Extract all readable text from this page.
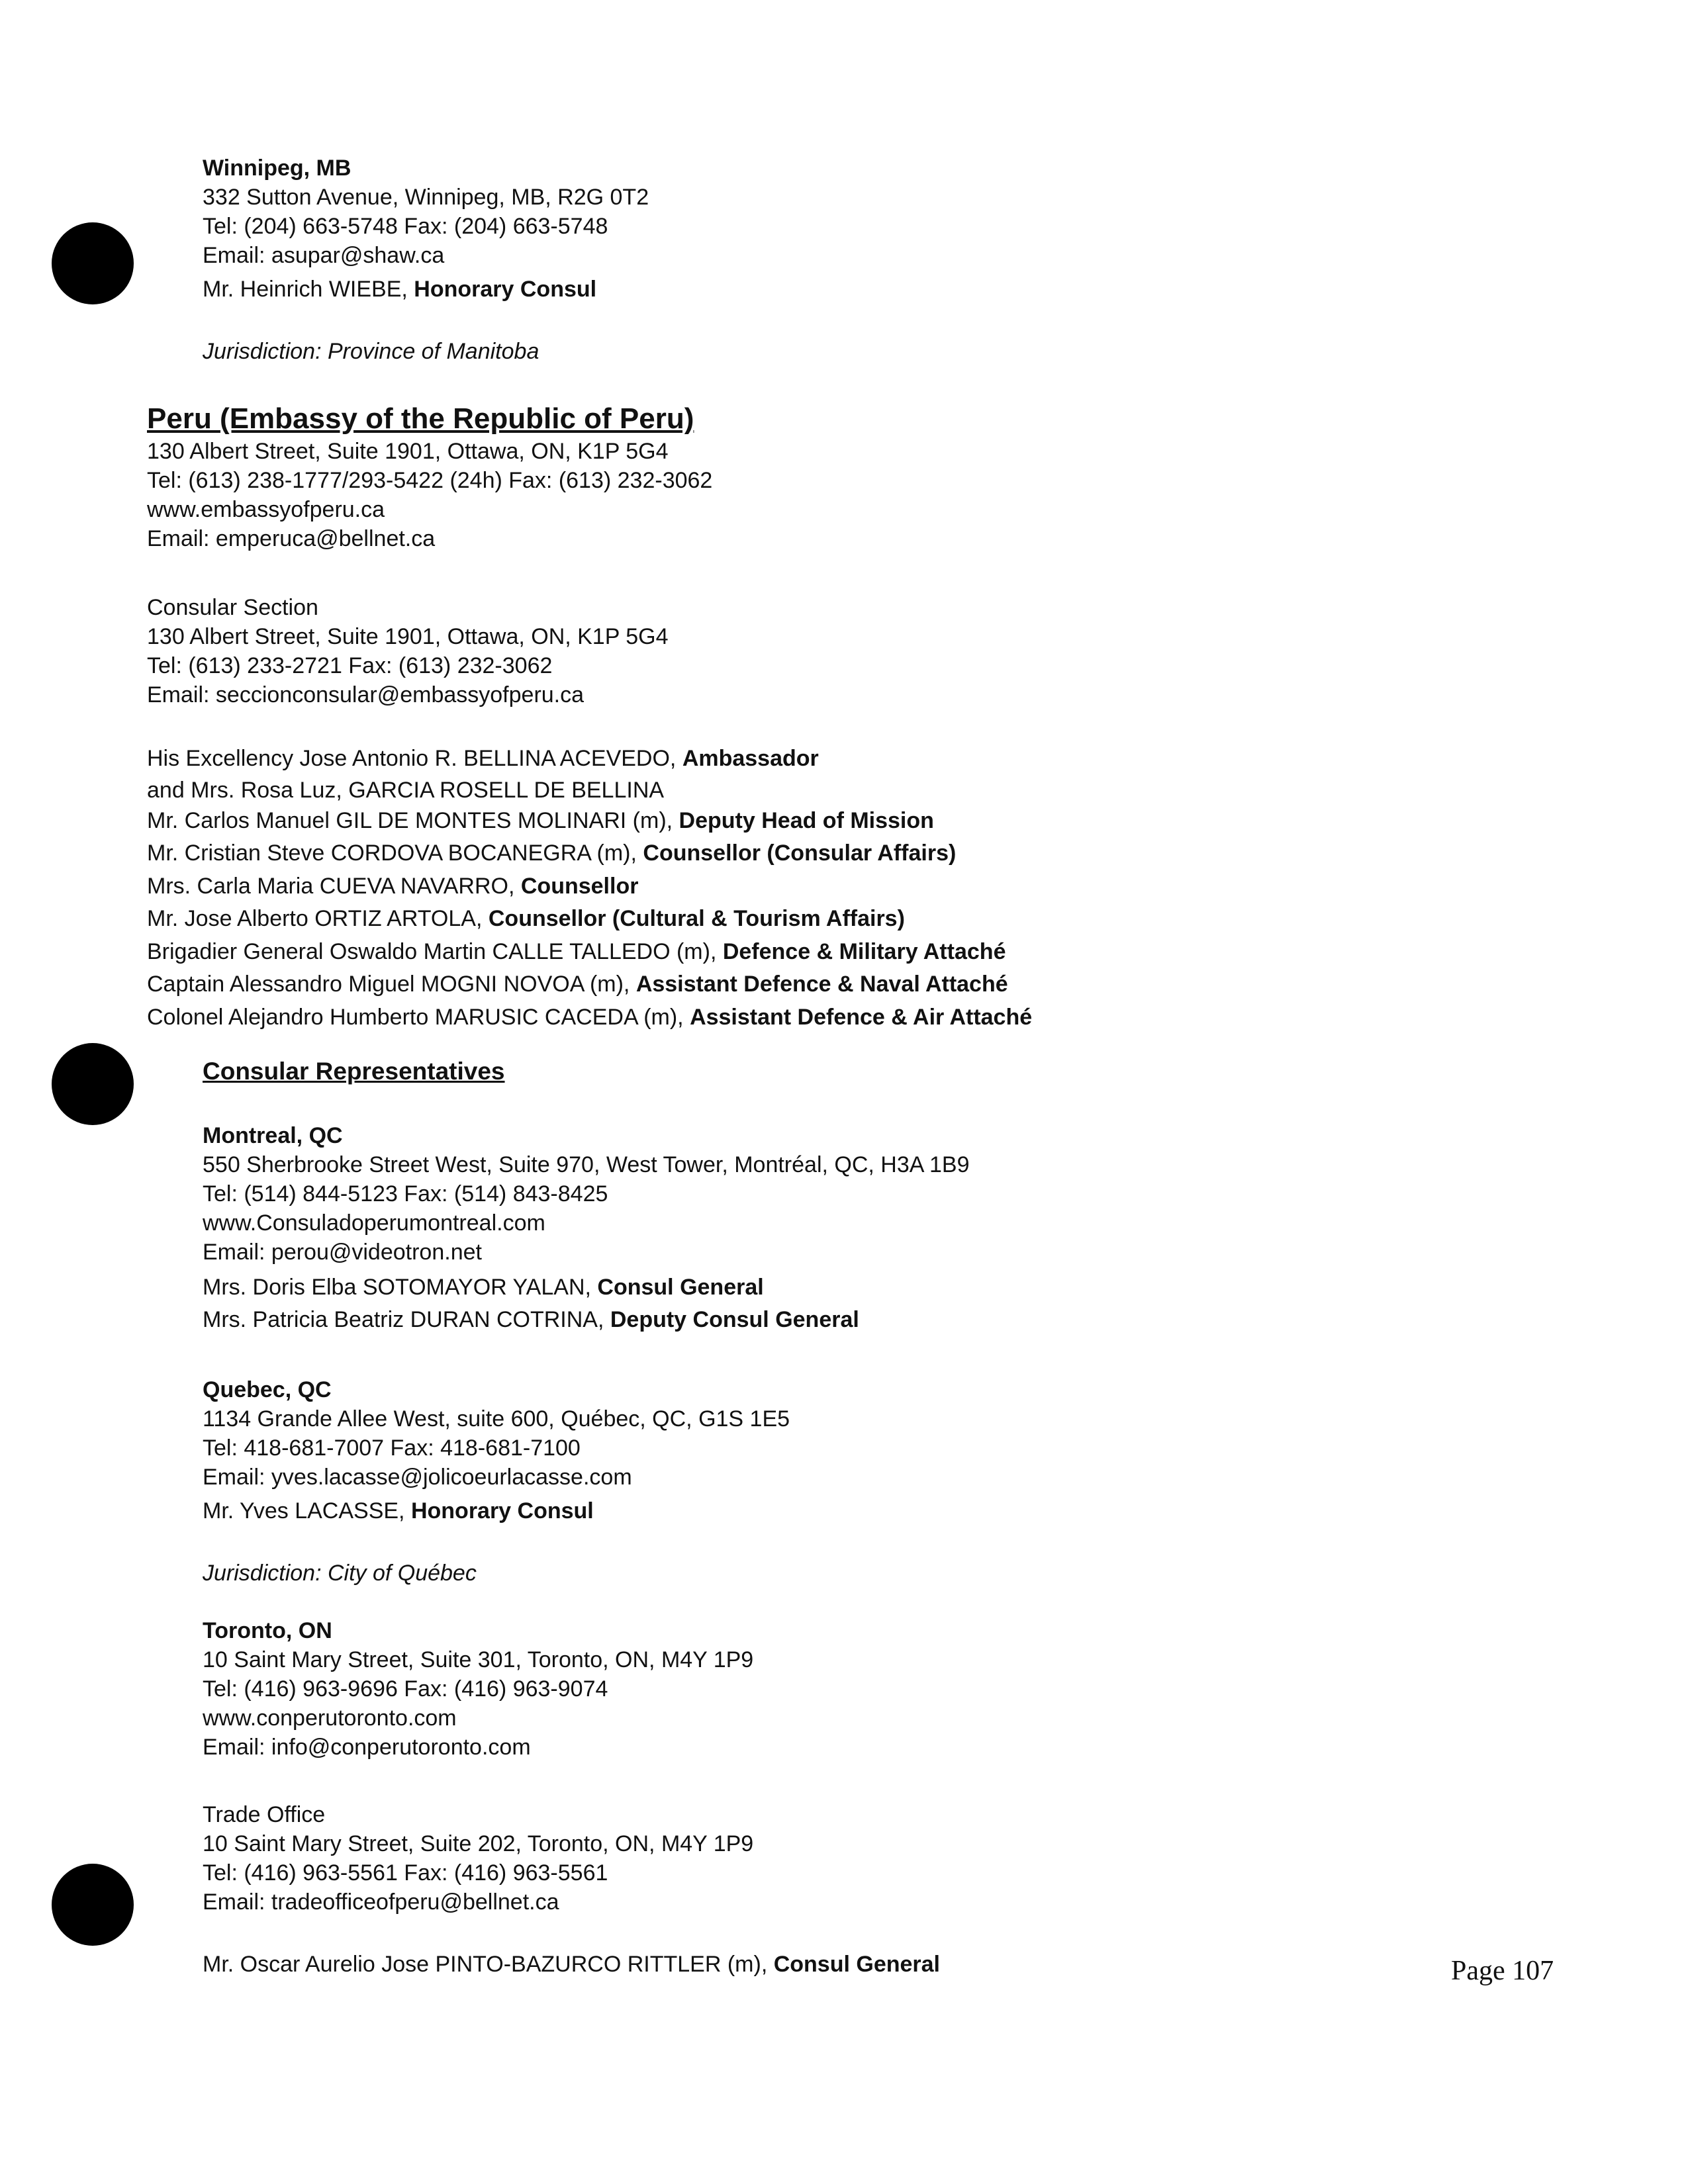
Winnipeg, MB
332 Sutton Avenue, Winnipeg, MB, R2G 0T2
Tel: (204) 663-5748 Fax: (204) 663-5748
Email: asupar@shaw.ca
Mr. Heinrich WIEBE, Honorary Consul
Jurisdiction: Province of Manitoba
Peru (Embassy of the Republic of Peru)
130 Albert Street, Suite 1901, Ottawa, ON, K1P 5G4
Tel: (613) 238-1777/293-5422 (24h) Fax: (613) 232-3062
www.embassyofperu.ca
Email: emperuca@bellnet.ca
Consular Section
130 Albert Street, Suite 1901, Ottawa, ON, K1P 5G4
Tel: (613) 233-2721 Fax: (613) 232-3062
Email: seccionconsular@embassyofperu.ca
His Excellency Jose Antonio R. BELLINA ACEVEDO, Ambassador
and Mrs. Rosa Luz, GARCIA ROSELL DE BELLINA
Mr. Carlos Manuel GIL DE MONTES MOLINARI (m), Deputy Head of Mission
Mr. Cristian Steve CORDOVA BOCANEGRA (m), Counsellor (Consular Affairs)
Mrs. Carla Maria CUEVA NAVARRO, Counsellor
Mr. Jose Alberto ORTIZ ARTOLA, Counsellor (Cultural & Tourism Affairs)
Brigadier General Oswaldo Martin CALLE TALLEDO (m), Defence & Military Attaché
Captain Alessandro Miguel MOGNI NOVOA (m), Assistant Defence & Naval Attaché
Colonel Alejandro Humberto MARUSIC CACEDA (m), Assistant Defence & Air Attaché
Consular Representatives
Montreal, QC
550 Sherbrooke Street West, Suite 970, West Tower, Montréal, QC, H3A 1B9
Tel: (514) 844-5123 Fax: (514) 843-8425
www.Consuladoperumontreal.com
Email: perou@videotron.net
Mrs. Doris Elba SOTOMAYOR YALAN, Consul General
Mrs. Patricia Beatriz DURAN COTRINA, Deputy Consul General
Quebec, QC
1134 Grande Allee West, suite 600, Québec, QC, G1S 1E5
Tel: 418-681-7007 Fax: 418-681-7100
Email: yves.lacasse@jolicoeurlacasse.com
Mr. Yves LACASSE, Honorary Consul
Jurisdiction: City of Québec
Toronto, ON
10 Saint Mary Street, Suite 301, Toronto, ON, M4Y 1P9
Tel: (416) 963-9696 Fax: (416) 963-9074
www.conperutoronto.com
Email: info@conperutoronto.com
Trade Office
10 Saint Mary Street, Suite 202, Toronto, ON, M4Y 1P9
Tel: (416) 963-5561 Fax: (416) 963-5561
Email: tradeofficeofperu@bellnet.ca
Mr. Oscar Aurelio Jose PINTO-BAZURCO RITTLER (m), Consul General	Page 107
